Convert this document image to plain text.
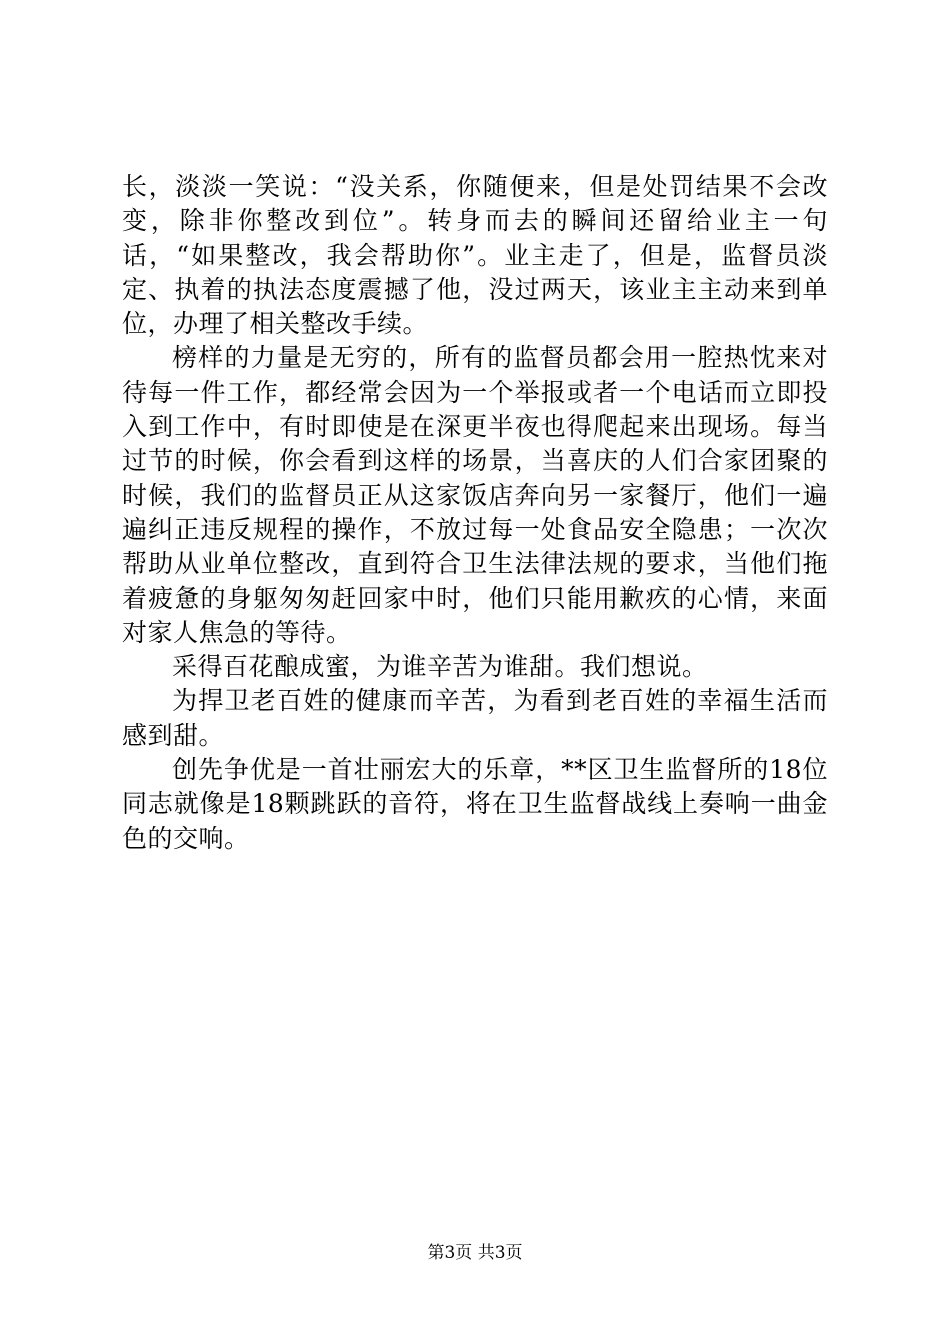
长，淡淡一笑说：“没关系，你随便来，但是处罚结果不会改变，除非你整改到位”。转身而去的瞬间还留给业主一句话，“如果整改，我会帮助你”。业主走了，但是，监督员淡定、执着的执法态度震撼了他，没过两天，该业主主动来到单位，办理了相关整改手续。

榜样的力量是无穷的，所有的监督员都会用一腔热忱来对待每一件工作，都经常会因为一个举报或者一个电话而立即投入到工作中，有时即使是在深更半夜也得爬起来出现场。每当过节的时候，你会看到这样的场景，当喜庆的人们合家团聚的时候，我们的监督员正从这家饭店奔向另一家餐厅，他们一遍遍纠正违反规程的操作，不放过每一处食品安全隐患；一次次帮助从业单位整改，直到符合卫生法律法规的要求，当他们拖着疲惫的身躯匆匆赶回家中时，他们只能用歉疚的心情，来面对家人焦急的等待。

采得百花酿成蜜，为谁辛苦为谁甜。我们想说。

为捍卫老百姓的健康而辛苦，为看到老百姓的幸福生活而感到甜。

创先争优是一首壮丽宏大的乐章，**区卫生监督所的18位同志就像是18颗跳跃的音符，将在卫生监督战线上奏响一曲金色的交响。

第3页 共3页
